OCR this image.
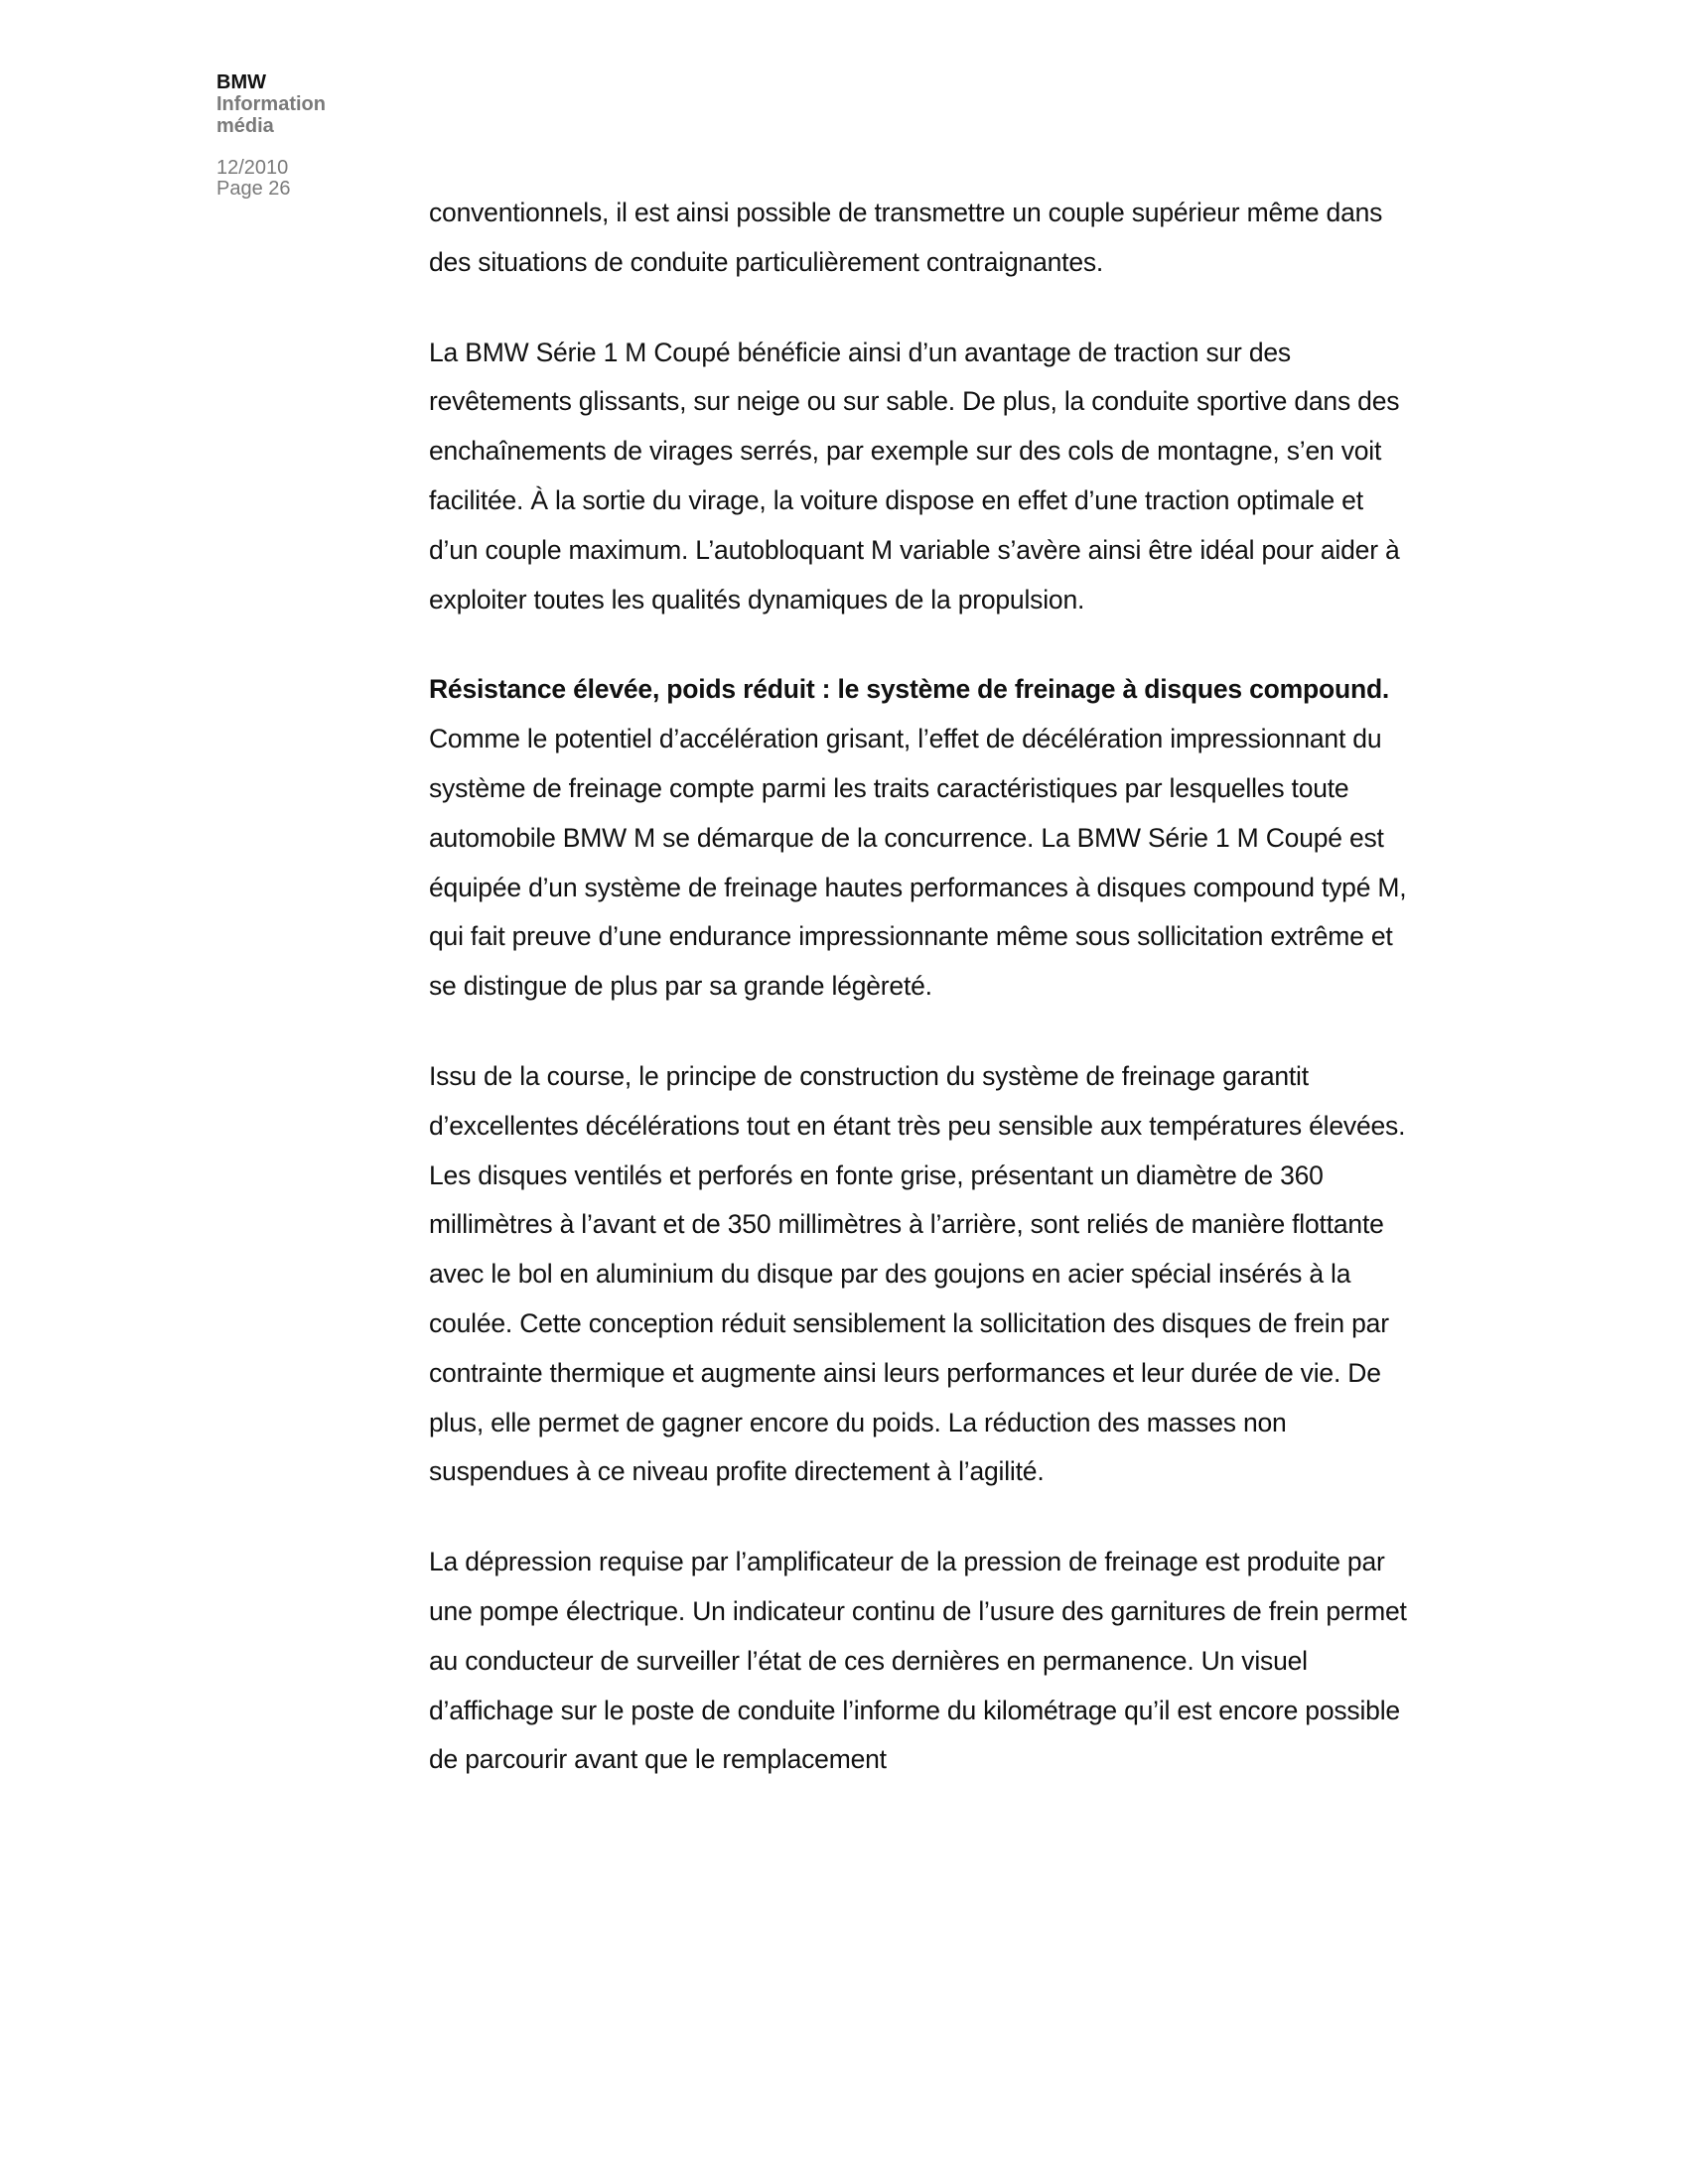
BMW
Information
média
12/2010
Page 26

conventionnels, il est ainsi possible de transmettre un couple supérieur même dans des situations de conduite particulièrement contraignantes.

La BMW Série 1 M Coupé bénéficie ainsi d’un avantage de traction sur des revêtements glissants, sur neige ou sur sable. De plus, la conduite sportive dans des enchaînements de virages serrés, par exemple sur des cols de montagne, s’en voit facilitée. À la sortie du virage, la voiture dispose en effet d’une traction optimale et d’un couple maximum. L’autobloquant M variable s’avère ainsi être idéal pour aider à exploiter toutes les qualités dynamiques de la propulsion.

Résistance élevée, poids réduit : le système de freinage à disques compound.

Comme le potentiel d’accélération grisant, l’effet de décélération impressionnant du système de freinage compte parmi les traits caractéristiques par lesquelles toute automobile BMW M se démarque de la concurrence. La BMW Série 1 M Coupé est équipée d’un système de freinage hautes performances à disques compound typé M, qui fait preuve d’une endurance impressionnante même sous sollicitation extrême et se distingue de plus par sa grande légèreté.

Issu de la course, le principe de construction du système de freinage garantit d’excellentes décélérations tout en étant très peu sensible aux températures élevées. Les disques ventilés et perforés en fonte grise, présentant un diamètre de 360 millimètres à l’avant et de 350 millimètres à l’arrière, sont reliés de manière flottante avec le bol en aluminium du disque par des goujons en acier spécial insérés à la coulée. Cette conception réduit sensiblement la sollicitation des disques de frein par contrainte thermique et augmente ainsi leurs performances et leur durée de vie. De plus, elle permet de gagner encore du poids. La réduction des masses non suspendues à ce niveau profite directement à l’agilité.

La dépression requise par l’amplificateur de la pression de freinage est produite par une pompe électrique. Un indicateur continu de l’usure des garnitures de frein permet au conducteur de surveiller l’état de ces dernières en permanence. Un visuel d’affichage sur le poste de conduite l’informe du kilométrage qu’il est encore possible de parcourir avant que le remplacement
